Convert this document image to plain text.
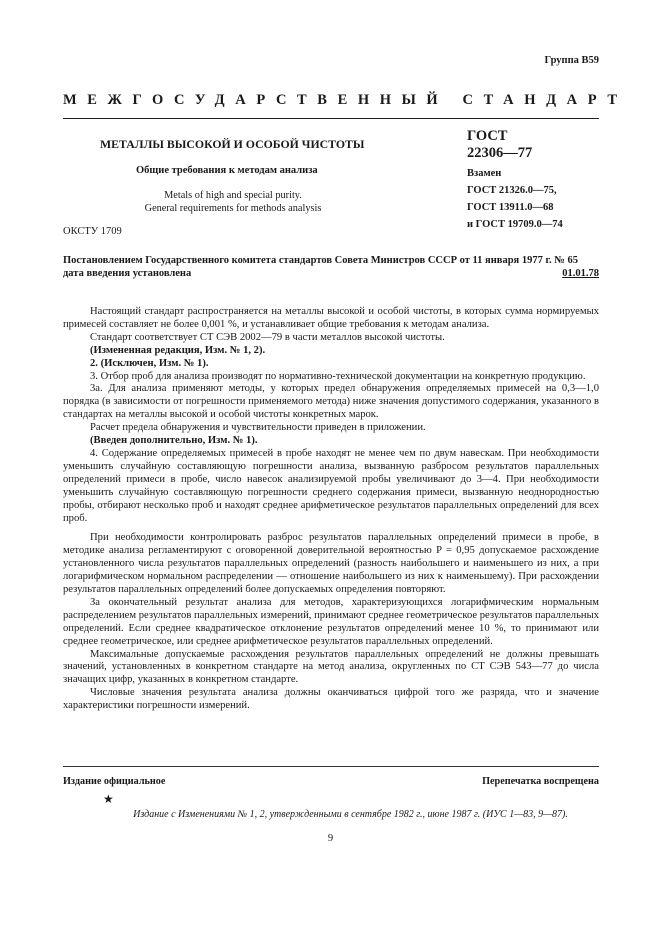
Группа В59
МЕЖГОСУДАРСТВЕННЫЙ СТАНДАРТ
МЕТАЛЛЫ ВЫСОКОЙ И ОСОБОЙ ЧИСТОТЫ
Общие требования к методам анализа
Metals of high and special purity.
General requirements for methods analysis
ГОСТ
22306—77
Взамен
ГОСТ 21326.0—75,
ГОСТ 13911.0—68
и ГОСТ 19709.0—74
ОКСТУ 1709
Постановлением Государственного комитета стандартов Совета Министров СССР от 11 января 1977 г. № 65
дата введения установлена	01.01.78

Настоящий стандарт распространяется на металлы высокой и особой чистоты, в которых сумма нормируемых примесей составляет не более 0,001 %, и устанавливает общие требования к методам анализа.

Стандарт соответствует СТ СЭВ 2002—79 в части металлов высокой чистоты.

(Измененная редакция, Изм. № 1, 2).

2. (Исключен, Изм. № 1).

3. Отбор проб для анализа производят по нормативно-технической документации на конкретную продукцию.

3а. Для анализа применяют методы, у которых предел обнаружения определяемых примесей на 0,3—1,0 порядка (в зависимости от погрешности применяемого метода) ниже значения допустимого содержания, указанного в стандартах на металлы высокой и особой чистоты конкретных марок.

Расчет предела обнаружения и чувствительности приведен в приложении.

(Введен дополнительно, Изм. № 1).

4. Содержание определяемых примесей в пробе находят не менее чем по двум навескам. При необходимости уменьшить случайную составляющую погрешности анализа, вызванную разбросом результатов параллельных определений примеси в пробе, число навесок анализируемой пробы увеличивают до 3—4. При необходимости уменьшить случайную составляющую погрешности среднего содержания примеси, вызванную неоднородностью пробы, отбирают несколько проб и находят среднее арифметическое результатов параллельных определений для всех проб.

При необходимости контролировать разброс результатов параллельных определений примеси в пробе, в методике анализа регламентируют с оговоренной доверительной вероятностью P = 0,95 допускаемое расхождение установленного числа результатов параллельных определений (разность наибольшего и наименьшего из них, а при логарифмическом нормальном распределении — отношение наибольшего из них к наименьшему). При расхождении результатов параллельных определений более допускаемых определения повторяют.

За окончательный результат анализа для методов, характеризующихся логарифмическим нормальным распределением результатов параллельных измерений, принимают среднее геометрическое результатов параллельных определений. Если среднее квадратическое отклонение результатов определений менее 10 %, то принимают или среднее геометрическое, или среднее арифметическое результатов параллельных определений.

Максимальные допускаемые расхождения результатов параллельных определений не должны превышать значений, установленных в конкретном стандарте на метод анализа, округленных по СТ СЭВ 543—77 до числа значащих цифр, указанных в конкретном стандарте.

Числовые значения результата анализа должны оканчиваться цифрой того же разряда, что и значение характеристики погрешности измерений.

Издание официальное	Перепечатка воспрещена
★
Издание с Изменениями № 1, 2, утвержденными в сентябре 1982 г., июне 1987 г. (ИУС 1—83, 9—87).
9
